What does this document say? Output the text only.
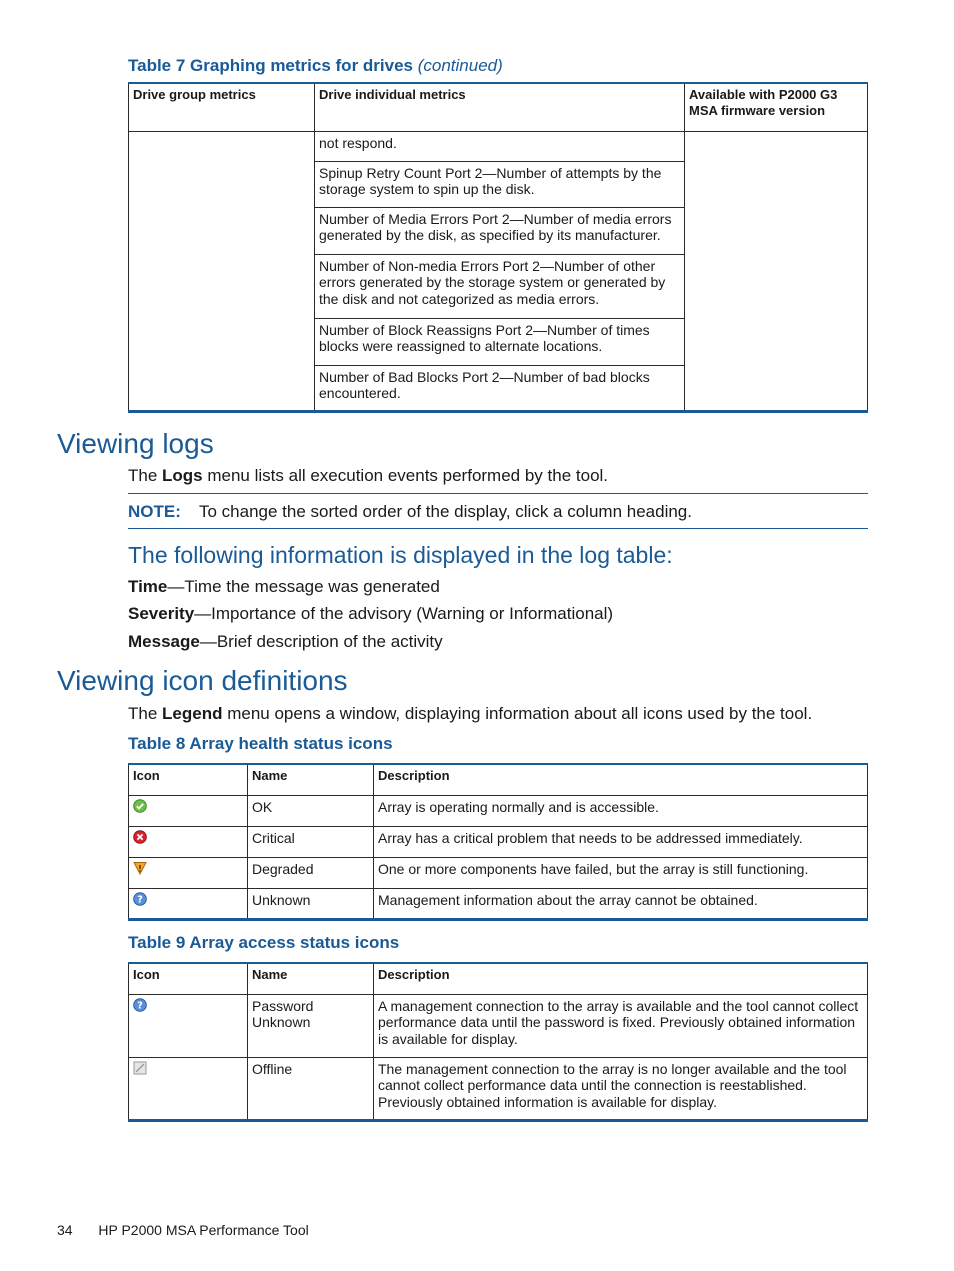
Table 7 Graphing metrics for drives (continued)
Drive group metrics	Drive individual metrics	Available with P2000 G3 MSA firmware version
	not respond.	
	Spinup Retry Count Port 2—Number of attempts by the storage system to spin up the disk.	
	Number of Media Errors Port 2—Number of media errors generated by the disk, as specified by its manufacturer.	
	Number of Non-media Errors Port 2—Number of other errors generated by the storage system or generated by the disk and not categorized as media errors.	
	Number of Block Reassigns Port 2—Number of times blocks were reassigned to alternate locations.	
	Number of Bad Blocks Port 2—Number of bad blocks encountered.	
Viewing logs
The Logs menu lists all execution events performed by the tool.
NOTE: To change the sorted order of the display, click a column heading.
The following information is displayed in the log table:
Time—Time the message was generated
Severity—Importance of the advisory (Warning or Informational)
Message—Brief description of the activity
Viewing icon definitions
The Legend menu opens a window, displaying information about all icons used by the tool.
Table 8 Array health status icons
Icon	Name	Description

	OK	Array is operating normally and is accessible.

	Critical	Array has a critical problem that needs to be addressed immediately.

	Degraded	One or more components have failed, but the array is still functioning.

?	Unknown	Management information about the array cannot be obtained.
Table 9 Array access status icons
Icon	Name	Description

?	Password Unknown	A management connection to the array is available and the tool cannot collect performance data until the password is fixed. Previously obtained information is available for display.

	Offline	The management connection to the array is no longer available and the tool cannot collect performance data until the connection is reestablished. Previously obtained information is available for display.
34 HP P2000 MSA Performance Tool
